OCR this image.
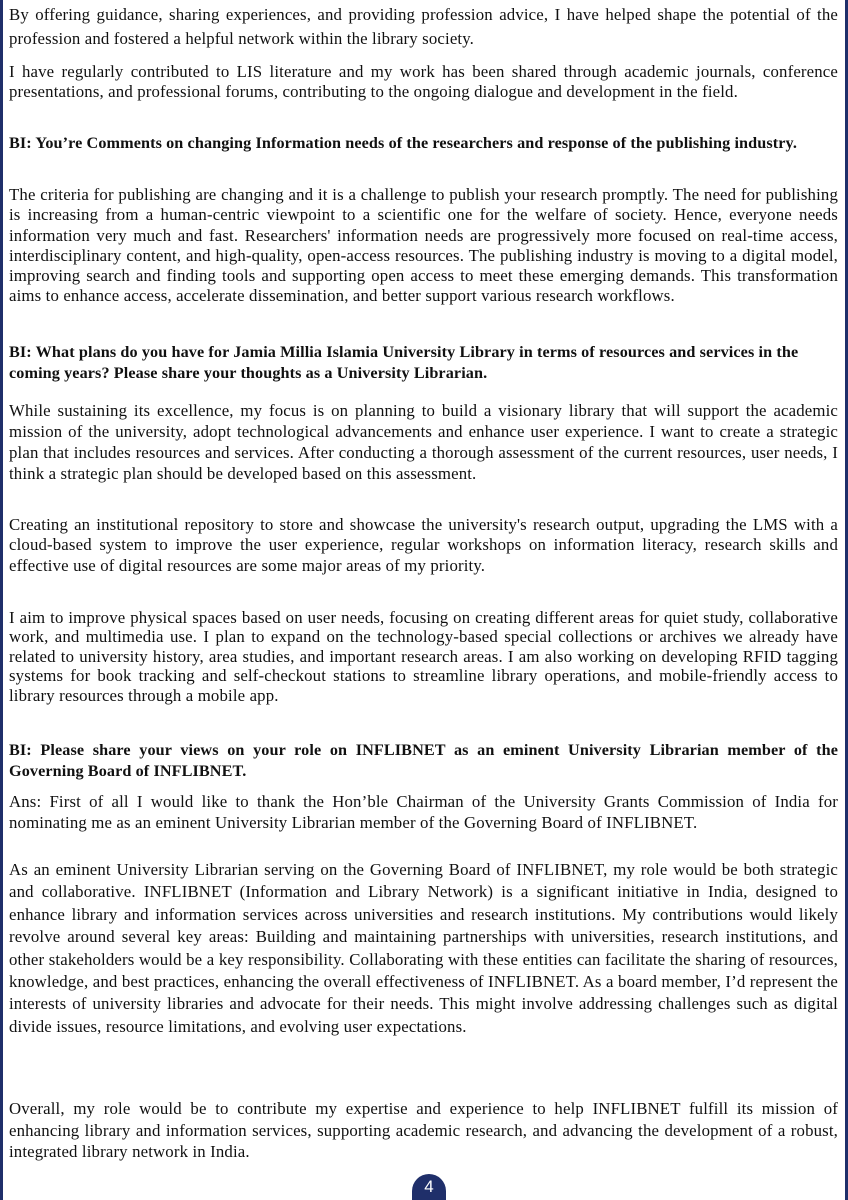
By offering guidance, sharing experiences, and providing profession advice, I have helped shape the potential of the profession and fostered a helpful network within the library society.

I have regularly contributed to LIS literature and my work has been shared through academic journals, conference presentations, and professional forums, contributing to the ongoing dialogue and development in the field.

BI: You’re Comments on changing Information needs of the researchers and response of the publishing industry.

The criteria for publishing are changing and it is a challenge to publish your research promptly. The need for publishing is increasing from a human-centric viewpoint to a scientific one for the welfare of society. Hence, everyone needs information very much and fast. Researchers' information needs are progressively more focused on real-time access, interdisciplinary content, and high-quality, open-access resources. The publishing industry is moving to a digital model, improving search and finding tools and supporting open access to meet these emerging demands. This transformation aims to enhance access, accelerate dissemination, and better support various research workflows.

BI: What plans do you have for Jamia Millia Islamia University Library in terms of resources and services in the coming years? Please share your thoughts as a University Librarian.

While sustaining its excellence, my focus is on planning to build a visionary library that will support the academic mission of the university, adopt technological advancements and enhance user experience. I want to create a strategic plan that includes resources and services. After conducting a thorough assessment of the current resources, user needs, I think a strategic plan should be developed based on this assessment.

Creating an institutional repository to store and showcase the university's research output, upgrading the LMS with a cloud-based system to improve the user experience, regular workshops on information literacy, research skills and effective use of digital resources are some major areas of my priority.

I aim to improve physical spaces based on user needs, focusing on creating different areas for quiet study, collaborative work, and multimedia use. I plan to expand on the technology-based special collections or archives we already have related to university history, area studies, and important research areas. I am also working on developing RFID tagging systems for book tracking and self-checkout stations to streamline library operations, and mobile-friendly access to library resources through a mobile app.

BI: Please share your views on your role on INFLIBNET as an eminent University Librarian member of the Governing Board of INFLIBNET.

Ans: First of all I would like to thank the Hon’ble Chairman of the University Grants Commission of India for nominating me as an eminent University Librarian member of the Governing Board of INFLIBNET.

As an eminent University Librarian serving on the Governing Board of INFLIBNET, my role would be both strategic and collaborative. INFLIBNET (Information and Library Network) is a significant initiative in India, designed to enhance library and information services across universities and research institutions. My contributions would likely revolve around several key areas: Building and maintaining partnerships with universities, research institutions, and other stakeholders would be a key responsibility. Collaborating with these entities can facilitate the sharing of resources, knowledge, and best practices, enhancing the overall effectiveness of INFLIBNET. As a board member, I’d represent the interests of university libraries and advocate for their needs. This might involve addressing challenges such as digital divide issues, resource limitations, and evolving user expectations.

Overall, my role would be to contribute my expertise and experience to help INFLIBNET fulfill its mission of enhancing library and information services, supporting academic research, and advancing the development of a robust, integrated library network in India.

4
